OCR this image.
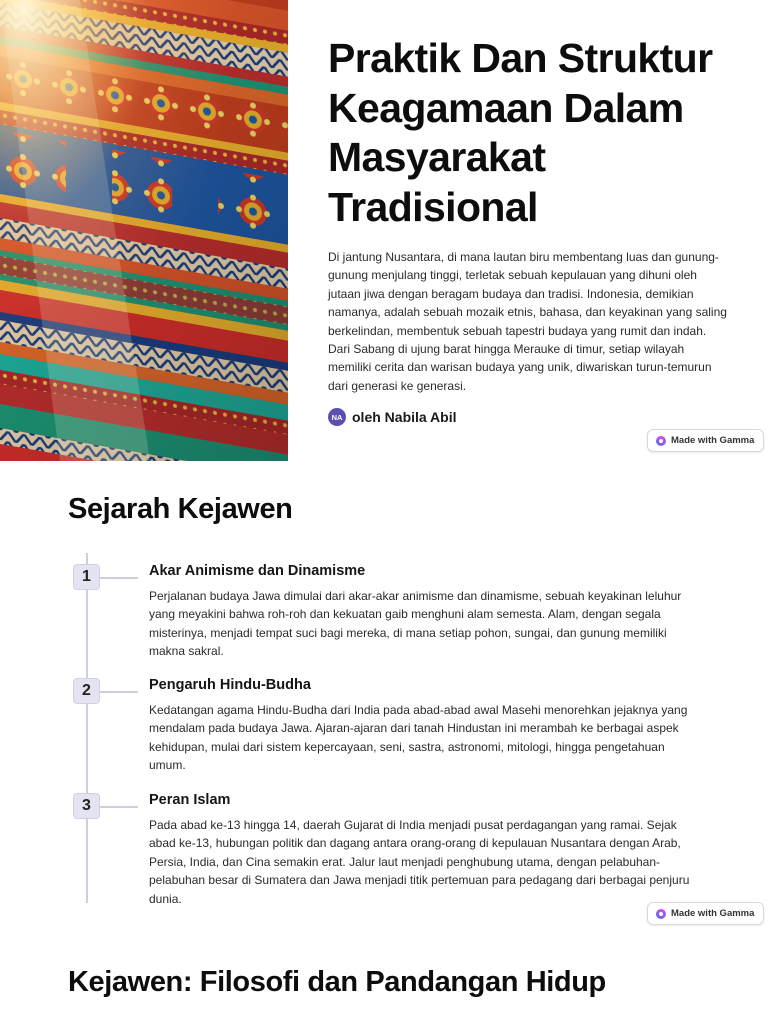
Praktik Dan Struktur Keagamaan Dalam Masyarakat Tradisional

Di jantung Nusantara, di mana lautan biru membentang luas dan gunung-gunung menjulang tinggi, terletak sebuah kepulauan yang dihuni oleh jutaan jiwa dengan beragam budaya dan tradisi. Indonesia, demikian namanya, adalah sebuah mozaik etnis, bahasa, dan keyakinan yang saling berkelindan, membentuk sebuah tapestri budaya yang rumit dan indah. Dari Sabang di ujung barat hingga Merauke di timur, setiap wilayah memiliki cerita dan warisan budaya yang unik, diwariskan turun-temurun dari generasi ke generasi.

NA oleh Nabila Abil
Made with Gamma
Sejarah Kejawen
1	Akar Animisme dan Dinamisme

Perjalanan budaya Jawa dimulai dari akar-akar animisme dan dinamisme, sebuah keyakinan leluhur yang meyakini bahwa roh-roh dan kekuatan gaib menghuni alam semesta. Alam, dengan segala misterinya, menjadi tempat suci bagi mereka, di mana setiap pohon, sungai, dan gunung memiliki makna sakral.

2	Pengaruh Hindu-Budha

Kedatangan agama Hindu-Budha dari India pada abad-abad awal Masehi menorehkan jejaknya yang mendalam pada budaya Jawa. Ajaran-ajaran dari tanah Hindustan ini merambah ke berbagai aspek kehidupan, mulai dari sistem kepercayaan, seni, sastra, astronomi, mitologi, hingga pengetahuan umum.

3	Peran Islam

Pada abad ke-13 hingga 14, daerah Gujarat di India menjadi pusat perdagangan yang ramai. Sejak abad ke-13, hubungan politik dan dagang antara orang-orang di kepulauan Nusantara dengan Arab, Persia, India, dan Cina semakin erat. Jalur laut menjadi penghubung utama, dengan pelabuhan-pelabuhan besar di Sumatera dan Jawa menjadi titik pertemuan para pedagang dari berbagai penjuru dunia.

Made with Gamma
Kejawen: Filosofi dan Pandangan Hidup
